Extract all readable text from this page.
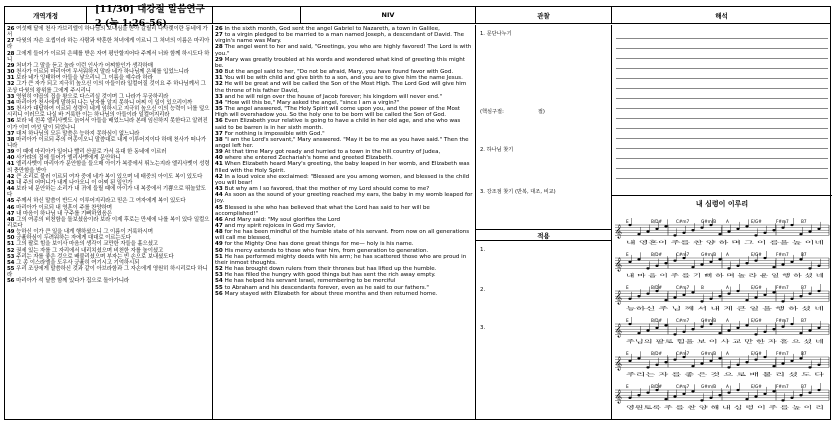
개역개정
[11/30] 대강절 말씀연구 2 (눅 1:26-56)
NIV	관찰	해석

26 여섯째 달에 천사 가브리엘이 하나님의 보내심을 받아 갈릴리 나사렛이란 동네에 가서

27 다윗의 자손 요셉이라 하는 사람과 약혼한 처녀에게 이르니 그 처녀의 이름은 마리아라

28 그에게 들어가 이르되 은혜를 받은 자여 평안할지어다 주께서 너와 함께 하시도다 하니

29 처녀가 그 말을 듣고 놀라 이런 인사가 어찌함인가 생각하매

30 천사가 이르되 마리아여 무서워하지 말라 네가 하나님께 은혜를 입었느니라

31 보라 네가 잉태하여 아들을 낳으리니 그 이름을 예수라 하라

32 그가 큰 자가 되고 지극히 높으신 이의 아들이라 일컬어질 것이요 주 하나님께서 그 조상 다윗의 왕위를 그에게 주시리니

33 영원히 야곱의 집을 왕으로 다스리실 것이며 그 나라가 무궁하리라

34 마리아가 천사에게 말하되 나는 남자를 알지 못하니 어찌 이 일이 있으리이까

35 천사가 대답하여 이르되 성령이 네게 임하시고 지극히 높으신 이의 능력이 너를 덮으시리니 이러므로 나실 바 거룩한 이는 하나님의 아들이라 일컬어지리라

36 보라 네 친족 엘리사벳도 늙어서 아들을 배었느니라 본래 임신하지 못한다고 알려진 이가 이미 여섯 달이 되었나니

37 대저 하나님의 모든 말씀은 능하지 못하심이 없느니라

38 마리아가 이르되 주의 여종이오니 말씀대로 내게 이루어지이다 하매 천사가 떠나가니라

39 이 때에 마리아가 일어나 빨리 산골로 가서 유대 한 동네에 이르러

40 사가랴의 집에 들어가 엘리사벳에게 문안하니

41 엘리사벳이 마리아가 문안함을 들으매 아이가 복중에서 뛰노는지라 엘리사벳이 성령의 충만함을 받아

42 큰 소리로 불러 이르되 여자 중에 네가 복이 있으며 네 태중의 아이도 복이 있도다

43 내 주의 어머니가 내게 나아오니 이 어찌 된 일인가

44 보라 네 문안하는 소리가 내 귀에 들릴 때에 아이가 내 복중에서 기쁨으로 뛰놀았도다

45 주께서 하신 말씀이 반드시 이루어지리라고 믿은 그 여자에게 복이 있도다

46 마리아가 이르되 내 영혼이 주를 찬양하며

47 내 마음이 하나님 내 구주를 기뻐하였음은

48 그의 여종의 비천함을 돌보셨음이라 보라 이제 후로는 만세에 나를 복이 있다 일컬으리로다

49 능하신 이가 큰 일을 내게 행하셨으니 그 이름이 거룩하시며

50 긍휼하심이 두려워하는 자에게 대대로 이르는도다

51 그의 팔로 힘을 보이사 마음의 생각이 교만한 자들을 흩으셨고

52 권세 있는 자를 그 자리에서 내리치셨으며 비천한 자를 높이셨고

53 주리는 자를 좋은 것으로 배불리셨으며 부자는 빈 손으로 보내셨도다

54 그 종 이스라엘을 도우사 긍휼히 여기시고 기억하시되

55 우리 조상에게 말씀하신 것과 같이 아브라함과 그 자손에게 영원히 하시리로다 하니라

56 마리아가 석 달쯤 함께 있다가 집으로 돌아가니라

26 In the sixth month, God sent the angel Gabriel to Nazareth, a town in Galilee,

27 to a virgin pledged to be married to a man named Joseph, a descendant of David. The virgin's name was Mary.

28 The angel went to her and said, "Greetings, you who are highly favored! The Lord is with you."

29 Mary was greatly troubled at his words and wondered what kind of greeting this might be.

30 But the angel said to her, "Do not be afraid, Mary, you have found favor with God.

31 You will be with child and give birth to a son, and you are to give him the name Jesus.

32 He will be great and will be called the Son of the Most High. The Lord God will give him the throne of his father David,

33 and he will reign over the house of Jacob forever; his kingdom will never end."

34 "How will this be," Mary asked the angel, "since I am a virgin?"

35 The angel answered, "The Holy Spirit will come upon you, and the power of the Most High will overshadow you. So the holy one to be born will be called the Son of God.

36 Even Elizabeth your relative is going to have a child in her old age, and she who was said to be barren is in her sixth month.

37 For nothing is impossible with God."

38 "I am the Lord's servant," Mary answered. "May it be to me as you have said." Then the angel left her.

39 At that time Mary got ready and hurried to a town in the hill country of Judea,

40 where she entered Zechariah's home and greeted Elizabeth.

41 When Elizabeth heard Mary's greeting, the baby leaped in her womb, and Elizabeth was filled with the Holy Spirit.

42 In a loud voice she exclaimed: "Blessed are you among women, and blessed is the child you will bear!

43 But why am I so favored, that the mother of my Lord should come to me?

44 As soon as the sound of your greeting reached my ears, the baby in my womb leaped for joy.

45 Blessed is she who has believed that what the Lord has said to her will be accomplished!"

46 And Mary said: "My soul glorifies the Lord

47 and my spirit rejoices in God my Savior,

48 for he has been mindful of the humble state of his servant. From now on all generations will call me blessed,

49 for the Mighty One has done great things for me— holy is his name.

50 His mercy extends to those who fear him, from generation to generation.

51 He has performed mighty deeds with his arm; he has scattered those who are proud in their inmost thoughts.

52 He has brought down rulers from their thrones but has lifted up the humble.

53 He has filled the hungry with good things but has sent the rich away empty.

54 He has helped his servant Israel, remembering to be merciful

55 to Abraham and his descendants forever, even as he said to our fathers."

56 Mary stayed with Elizabeth for about three months and then returned home.

1. 문단나누기
(핵심구절:	절)
2. 하나님 찾기
3. 강조점 찾기 (반복, 대조, 비교)
적용
1.
2.
3.
내 심령이 이루리
E	B/D#	C#m7	G#m/B A	E/G#	F#m7	B7
𝄞
내 영혼이 주를 찬 양 하 며 그 이 름을 높 이네
E	B/D#	C#m7	G#m/B A	E/G#	F#m7	B7
𝄞
내 마 음 이 주 를 기 뻐 하 며 놀 라 운 일 행 하 셨 네
E	B/D#	C#m7	B	A	E/G#	F#m7	B7
𝄞
능하신 주 님 께 서 내 게 큰 일 을 행 하 셨 네
E	B/D#	C#m7	G#m/B A	E/G#	F#m7	B7
𝄞
주님의 팔로 힘을 보 이 사 교 만 한 자 흩 으 셨 네
E	B/D#	C#m7	G#m/B A	E/G#	F#m7	B7
𝄞
주리는 자 를 좋 은 것 으 로 배 불 리 셨 도 다
E	B/D#	C#m7	G#m/B A	E/G#	F#m7	B7
𝄞
영원토록 주 를 찬 양 해 내 심 령 이 주 를 높 이 리
